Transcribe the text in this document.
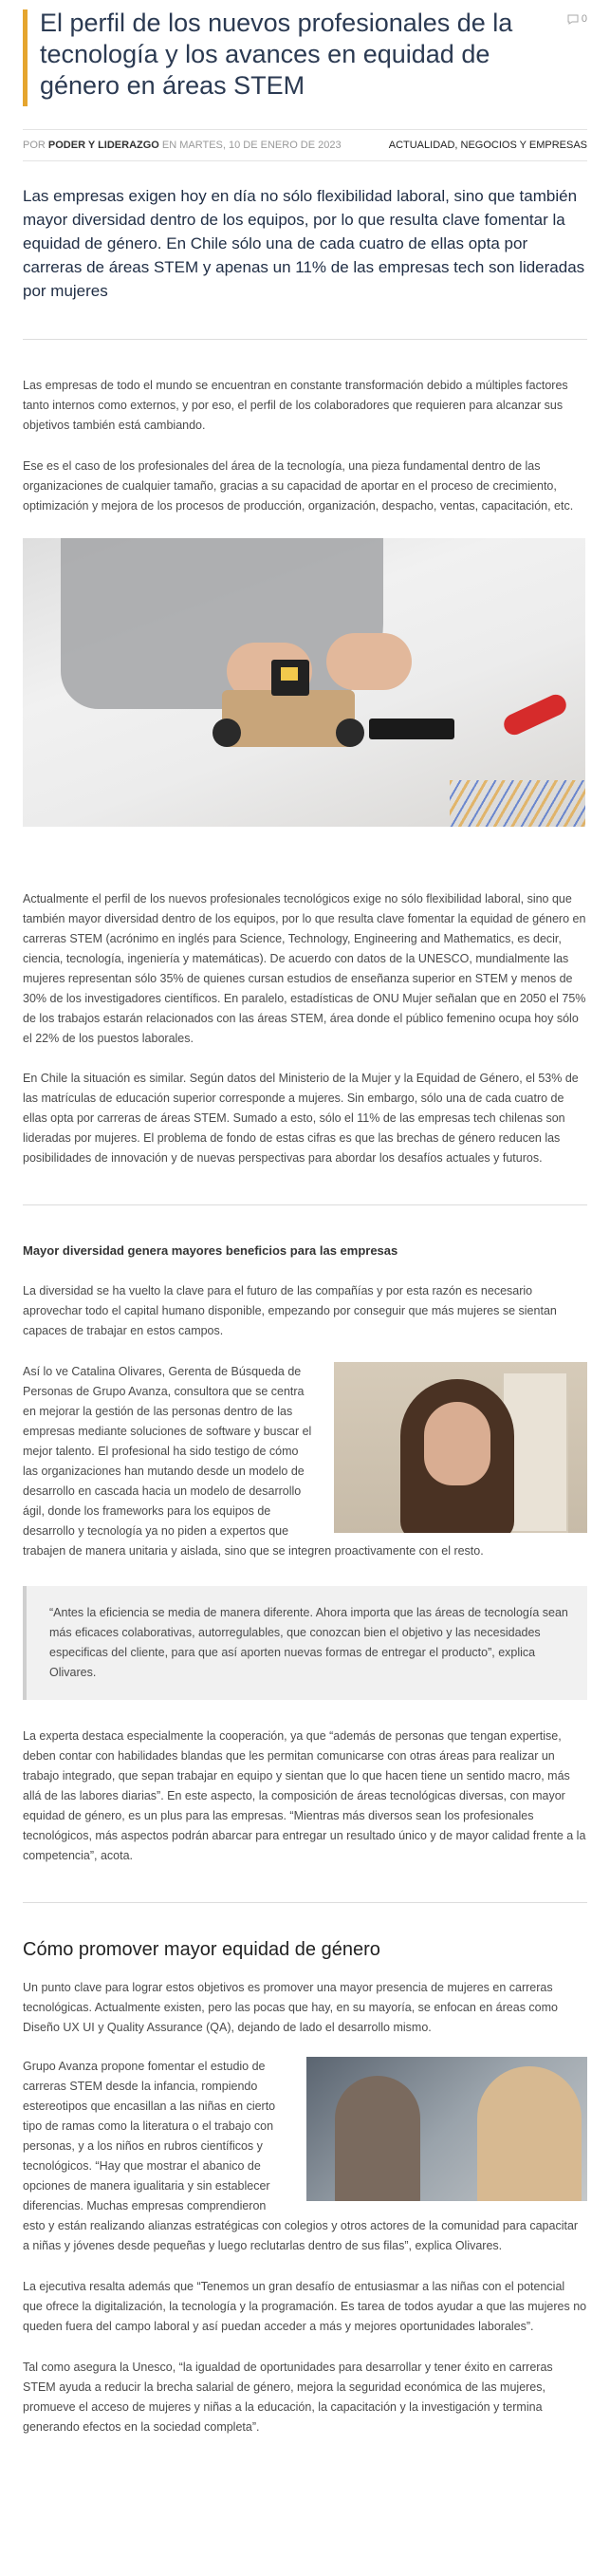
El perfil de los nuevos profesionales de la tecnología y los avances en equidad de género en áreas STEM
0
POR PODER Y LIDERAZGO EN MARTES, 10 DE ENERO DE 2023	ACTUALIDAD, NEGOCIOS Y EMPRESAS

Las empresas exigen hoy en día no sólo flexibilidad laboral, sino que también mayor diversidad dentro de los equipos, por lo que resulta clave fomentar la equidad de género. En Chile sólo una de cada cuatro de ellas opta por carreras de áreas STEM y apenas un 11% de las empresas tech son lideradas por mujeres

Las empresas de todo el mundo se encuentran en constante transformación debido a múltiples factores tanto internos como externos, y por eso, el perfil de los colaboradores que requieren para alcanzar sus objetivos también está cambiando.

Ese es el caso de los profesionales del área de la tecnología, una pieza fundamental dentro de las organizaciones de cualquier tamaño, gracias a su capacidad de aportar en el proceso de crecimiento, optimización y mejora de los procesos de producción, organización, despacho, ventas, capacitación, etc.

Actualmente el perfil de los nuevos profesionales tecnológicos exige no sólo flexibilidad laboral, sino que también mayor diversidad dentro de los equipos, por lo que resulta clave fomentar la equidad de género en carreras STEM (acrónimo en inglés para Science, Technology, Engineering and Mathematics, es decir, ciencia, tecnología, ingeniería y matemáticas). De acuerdo con datos de la UNESCO, mundialmente las mujeres representan sólo 35% de quienes cursan estudios de enseñanza superior en STEM y menos de 30% de los investigadores científicos. En paralelo, estadísticas de ONU Mujer señalan que en 2050 el 75% de los trabajos estarán relacionados con las áreas STEM, área donde el público femenino ocupa hoy sólo el 22% de los puestos laborales.

En Chile la situación es similar. Según datos del Ministerio de la Mujer y la Equidad de Género, el 53% de las matrículas de educación superior corresponde a mujeres. Sin embargo, sólo una de cada cuatro de ellas opta por carreras de áreas STEM. Sumado a esto, sólo el 11% de las empresas tech chilenas son lideradas por mujeres. El problema de fondo de estas cifras es que las brechas de género reducen las posibilidades de innovación y de nuevas perspectivas para abordar los desafíos actuales y futuros.

Mayor diversidad genera mayores beneficios para las empresas

La diversidad se ha vuelto la clave para el futuro de las compañías y por esta razón es necesario aprovechar todo el capital humano disponible, empezando por conseguir que más mujeres se sientan capaces de trabajar en estos campos.

Así lo ve Catalina Olivares, Gerenta de Búsqueda de Personas de Grupo Avanza, consultora que se centra en mejorar la gestión de las personas dentro de las empresas mediante soluciones de software y buscar el mejor talento. El profesional ha sido testigo de cómo las organizaciones han mutando desde un modelo de desarrollo en cascada hacia un modelo de desarrollo ágil, donde los frameworks para los equipos de desarrollo y tecnología ya no piden a expertos que trabajen de manera unitaria y aislada, sino que se integren proactivamente con el resto.

“Antes la eficiencia se media de manera diferente. Ahora importa que las áreas de tecnología sean más eficaces colaborativas, autorregulables, que conozcan bien el objetivo y las necesidades especificas del cliente, para que así aporten nuevas formas de entregar el producto”, explica Olivares.

La experta destaca especialmente la cooperación, ya que “además de personas que tengan expertise, deben contar con habilidades blandas que les permitan comunicarse con otras áreas para realizar un trabajo integrado, que sepan trabajar en equipo y sientan que lo que hacen tiene un sentido macro, más allá de las labores diarias”. En este aspecto, la composición de áreas tecnológicas diversas, con mayor equidad de género, es un plus para las empresas. “Mientras más diversos sean los profesionales tecnológicos, más aspectos podrán abarcar para entregar un resultado único y de mayor calidad frente a la competencia”, acota.

Cómo promover mayor equidad de género

Un punto clave para lograr estos objetivos es promover una mayor presencia de mujeres en carreras tecnológicas. Actualmente existen, pero las pocas que hay, en su mayoría, se enfocan en áreas como Diseño UX UI y Quality Assurance (QA), dejando de lado el desarrollo mismo.

Grupo Avanza propone fomentar el estudio de carreras STEM desde la infancia, rompiendo estereotipos que encasillan a las niñas en cierto tipo de ramas como la literatura o el trabajo con personas, y a los niños en rubros científicos y tecnológicos. “Hay que mostrar el abanico de opciones de manera igualitaria y sin establecer diferencias. Muchas empresas comprendieron esto y están realizando alianzas estratégicas con colegios y otros actores de la comunidad para capacitar a niñas y jóvenes desde pequeñas y luego reclutarlas dentro de sus filas”, explica Olivares.

La ejecutiva resalta además que “Tenemos un gran desafío de entusiasmar a las niñas con el potencial que ofrece la digitalización, la tecnología y la programación. Es tarea de todos ayudar a que las mujeres no queden fuera del campo laboral y así puedan acceder a más y mejores oportunidades laborales”.

Tal como asegura la Unesco, “la igualdad de oportunidades para desarrollar y tener éxito en carreras STEM ayuda a reducir la brecha salarial de género, mejora la seguridad económica de las mujeres, promueve el acceso de mujeres y niñas a la educación, la capacitación y la investigación y termina generando efectos en la sociedad completa”.
